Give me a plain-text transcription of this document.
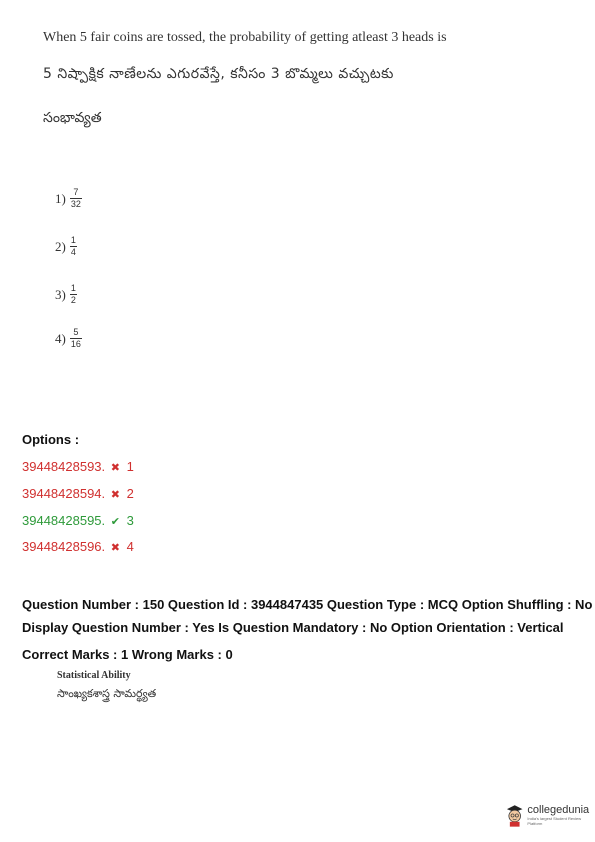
When 5 fair coins are tossed, the probability of getting atleast 3 heads is
5 నిష్పాక్షిక నాణేలను ఎగురవేస్తే, కనీసం 3 బొమ్మలు వచ్చుటకు
సంభావ్యత
$1) \frac{7}{32}$
$2) \frac{1}{4}$
$3) \frac{1}{2}$
$4) \frac{5}{16}$
Options :
39448428593. ✖ 1
39448428594. ✖ 2
39448428595. ✔ 3
39448428596. ✖ 4
Question Number : 150 Question Id : 3944847435 Question Type : MCQ Option Shuffling : No
Display Question Number : Yes Is Question Mandatory : No Option Orientation : Vertical
Correct Marks : 1 Wrong Marks : 0
Statistical Ability
సాంఖ్యకశాస్త్ర సామర్థ్యత
collegedunia
India's largest Student Review Platform
